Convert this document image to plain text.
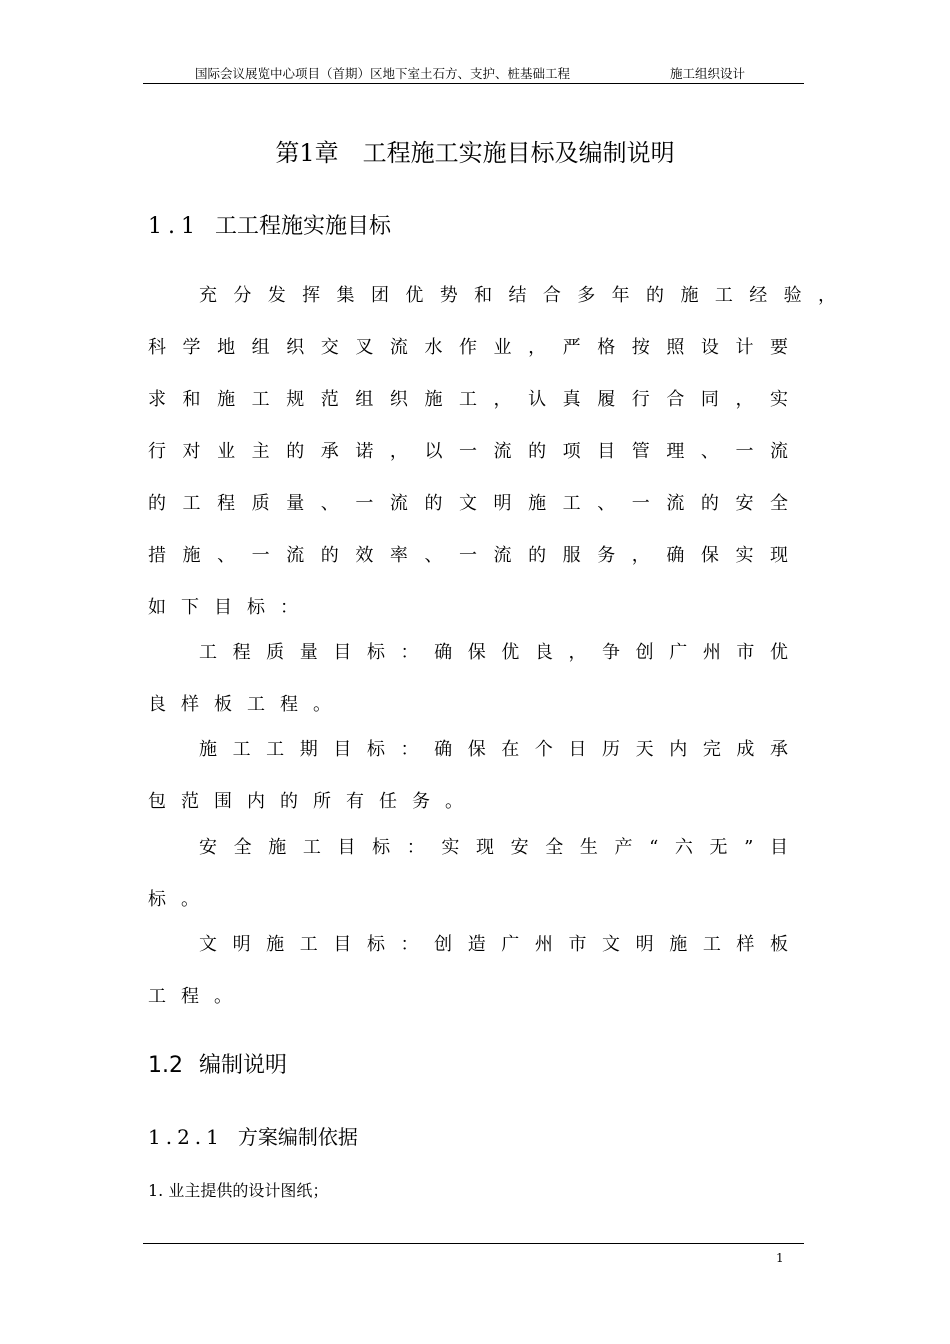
国际会议展览中心项目（首期）区地下室土石方、支护、桩基础工程	施工组织设计
第1章　工程施工实施目标及编制说明
1.1 工工程施实施目标
充分发挥集团优势和结合多年的施工经验，
科学地组织交叉流水作业，严格按照设计要
求和施工规范组织施工，认真履行合同，实
行对业主的承诺，以一流的项目管理、一流
的工程质量、一流的文明施工、一流的安全
措施、一流的效率、一流的服务，确保实现
如下目标：
工程质量目标：确保优良，争创广州市优
良样板工程。
施工工期目标：确保在个日历天内完成承
包范围内的所有任务。
安全施工目标：实现安全生产“六无”目
标。
文明施工目标：创造广州市文明施工样板
工程。
1.2 编制说明
1.2.1 方案编制依据
1. 业主提供的设计图纸；
1
